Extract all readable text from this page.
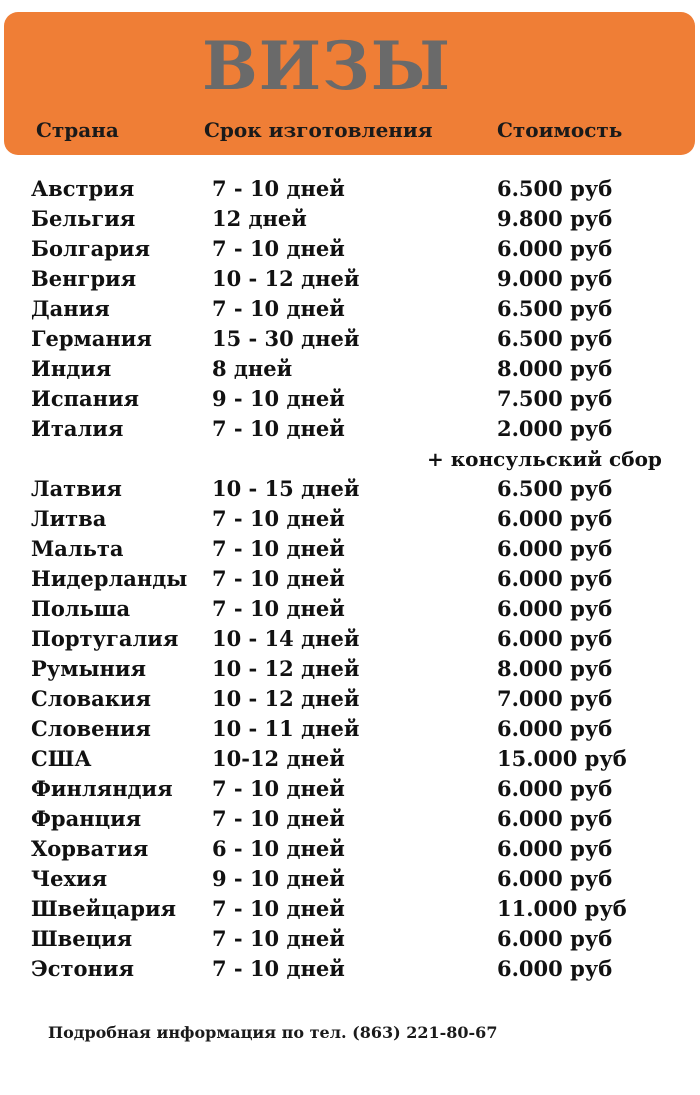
ВИЗЫ
Страна	Срок изготовления	Стоимость
Австрия	7 - 10 дней	6.500 руб
Бельгия	12 дней	9.800 руб
Болгария	7 - 10 дней	6.000 руб
Венгрия	10 - 12 дней	9.000 руб
Дания	7 - 10 дней	6.500 руб
Германия	15 - 30 дней	6.500 руб
Индия	8 дней	8.000 руб
Испания	9 - 10 дней	7.500 руб
Италия	7 - 10 дней	2.000 руб
+ консульский сбор
Латвия	10 - 15 дней	6.500 руб
Литва	7 - 10 дней	6.000 руб
Мальта	7 - 10 дней	6.000 руб
Нидерланды 7 - 10 дней	6.000 руб
Польша	7 - 10 дней	6.000 руб
Португалия 10 - 14 дней	6.000 руб
Румыния	10 - 12 дней	8.000 руб
Словакия	10 - 12 дней	7.000 руб
Словения	10 - 11 дней	6.000 руб
США	10-12 дней	15.000 руб
Финляндия 7 - 10 дней	6.000 руб
Франция	7 - 10 дней	6.000 руб
Хорватия	6 - 10 дней	6.000 руб
Чехия	9 - 10 дней	6.000 руб
Швейцария 7 - 10 дней	11.000 руб
Швеция	7 - 10 дней	6.000 руб
Эстония	7 - 10 дней	6.000 руб
Подробная информация по тел. (863) 221-80-67
